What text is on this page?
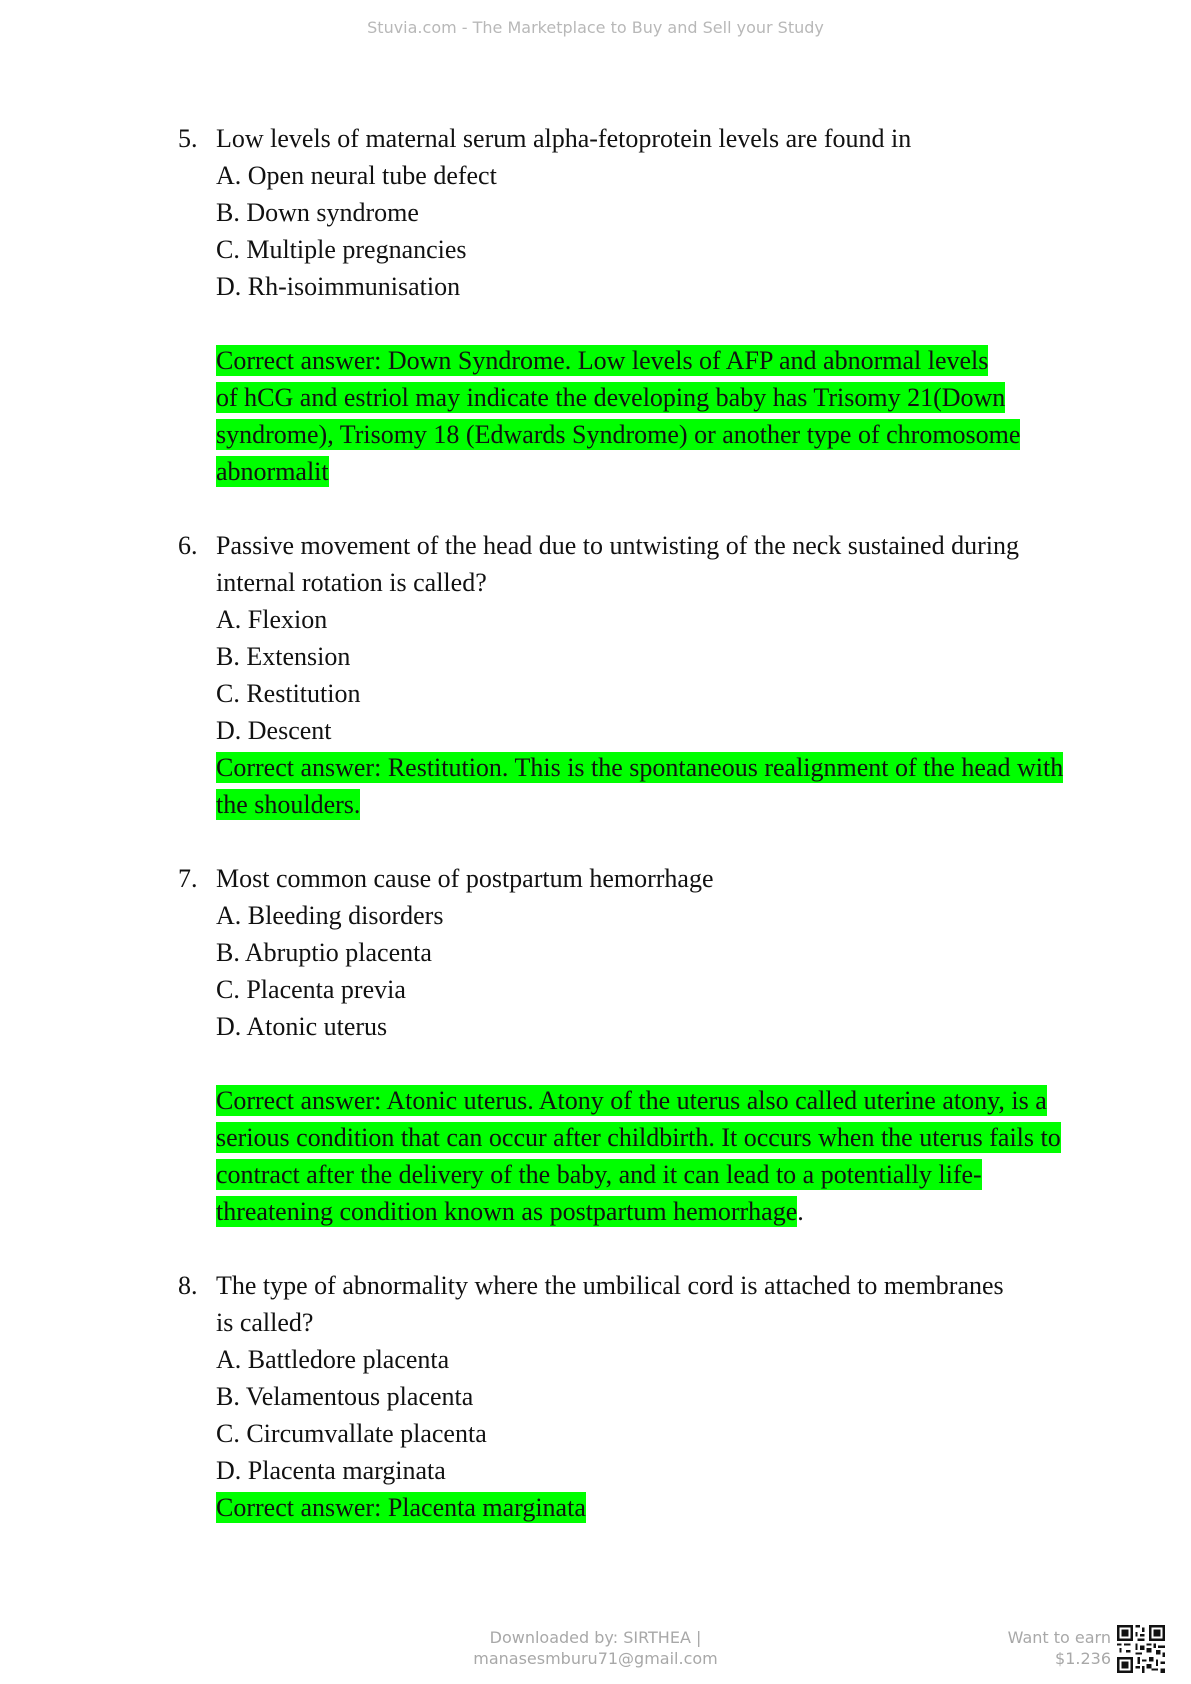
Stuvia.com - The Marketplace to Buy and Sell your Study
5. Low levels of maternal serum alpha-fetoprotein levels are found in
A. Open neural tube defect
B. Down syndrome
C. Multiple pregnancies
D. Rh-isoimmunisation
Correct answer: Down Syndrome. Low levels of AFP and abnormal levels
of hCG and estriol may indicate the developing baby has Trisomy 21(Down
syndrome), Trisomy 18 (Edwards Syndrome) or another type of chromosome
abnormalit
6. Passive movement of the head due to untwisting of the neck sustained during
internal rotation is called?
A. Flexion
B. Extension
C. Restitution
D. Descent
Correct answer: Restitution. This is the spontaneous realignment of the head with
the shoulders.
7. Most common cause of postpartum hemorrhage
A. Bleeding disorders
B. Abruptio placenta
C. Placenta previa
D. Atonic uterus
Correct answer: Atonic uterus. Atony of the uterus also called uterine atony, is a
serious condition that can occur after childbirth. It occurs when the uterus fails to
contract after the delivery of the baby, and it can lead to a potentially life-
threatening condition known as postpartum hemorrhage.
8. The type of abnormality where the umbilical cord is attached to membranes
is called?
A. Battledore placenta
B. Velamentous placenta
C. Circumvallate placenta
D. Placenta marginata
Correct answer: Placenta marginata
Downloaded by: SIRTHEA |
manasesmburu71@gmail.com
Want to earn
$1.236
